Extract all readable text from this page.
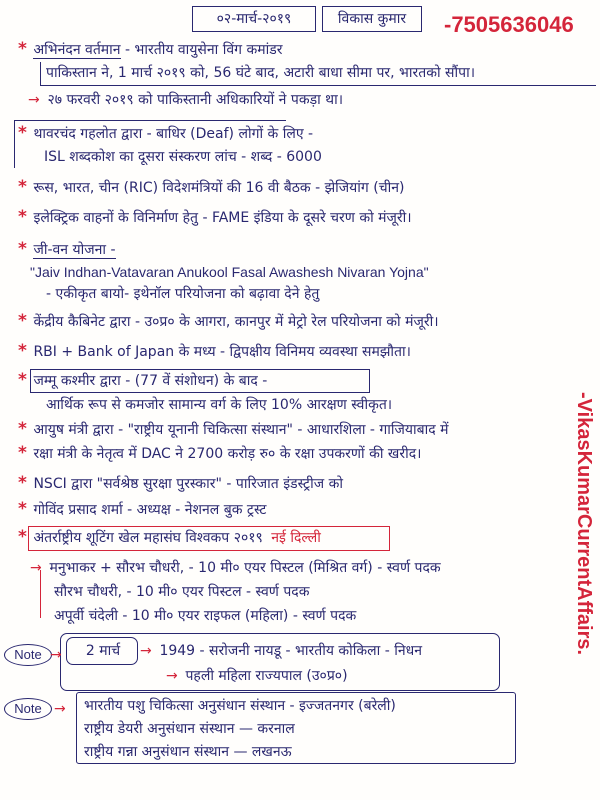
०२-मार्च-२०१९	विकास कुमार	-7505636046
* अभिनंदन वर्तमान - भारतीय वायुसेना विंग कमांडर
पाकिस्तान ने, 1 मार्च २०१९ को, 56 घंटे बाद, अटारी बाधा सीमा पर, भारतको सौंपा।
→ २७ फरवरी २०१९ को पाकिस्तानी अधिकारियों ने पकड़ा था।
* थावरचंद गहलोत द्वारा - बाधिर (Deaf) लोगों के लिए -
ISL शब्दकोश का दूसरा संस्करण लांच - शब्द - 6000
* रूस, भारत, चीन (RIC) विदेशमंत्रियों की 16 वी बैठक - झेजियांग (चीन)
* इलेक्ट्रिक वाहनों के विनिर्माण हेतु - FAME इंडिया के दूसरे चरण को मंजूरी।
* जी-वन योजना -
"Jaiv Indhan-Vatavaran Anukool Fasal Awashesh Nivaran Yojna"
- एकीकृत बायो- इथेनॉल परियोजना को बढ़ावा देने हेतु
* केंद्रीय कैबिनेट द्वारा - उ०प्र० के आगरा, कानपुर में मेट्रो रेल परियोजना को मंजूरी।
* RBI + Bank of Japan के मध्य - द्विपक्षीय विनिमय व्यवस्था समझौता।
* जम्मू कश्मीर द्वारा - (77 वें संशोधन) के बाद -
आर्थिक रूप से कमजोर सामान्य वर्ग के लिए 10% आरक्षण स्वीकृत।
* आयुष मंत्री द्वारा - "राष्ट्रीय यूनानी चिकित्सा संस्थान" - आधारशिला - गाजियाबाद में
* रक्षा मंत्री के नेतृत्व में DAC ने 2700 करोड़ रु० के रक्षा उपकरणों की खरीद।
* NSCI द्वारा "सर्वश्रेष्ठ सुरक्षा पुरस्कार" - पारिजात इंडस्ट्रीज को
* गोविंद प्रसाद शर्मा - अध्यक्ष - नेशनल बुक ट्रस्ट
* अंतर्राष्ट्रीय शूटिंग खेल महासंघ विश्वकप २०१९ नई दिल्ली
→ मनुभाकर + सौरभ चौधरी, - 10 मी० एयर पिस्टल (मिश्रित वर्ग) - स्वर्ण पदक
सौरभ चौधरी, - 10 मी० एयर पिस्टल - स्वर्ण पदक
अपूर्वी चंदेली - 10 मी० एयर राइफल (महिला) - स्वर्ण पदक
Note →	2 मार्च →	1949 - सरोजनी नायडू - भारतीय कोकिला - निधन
→ पहली महिला राज्यपाल (उ०प्र०)
Note →	भारतीय पशु चिकित्सा अनुसंधान संस्थान - इज्जतनगर (बरेली)
राष्ट्रीय डेयरी अनुसंधान संस्थान — करनाल
राष्ट्रीय गन्ना अनुसंधान संस्थान — लखनऊ
-VikasKumarCurrentAffairs.
